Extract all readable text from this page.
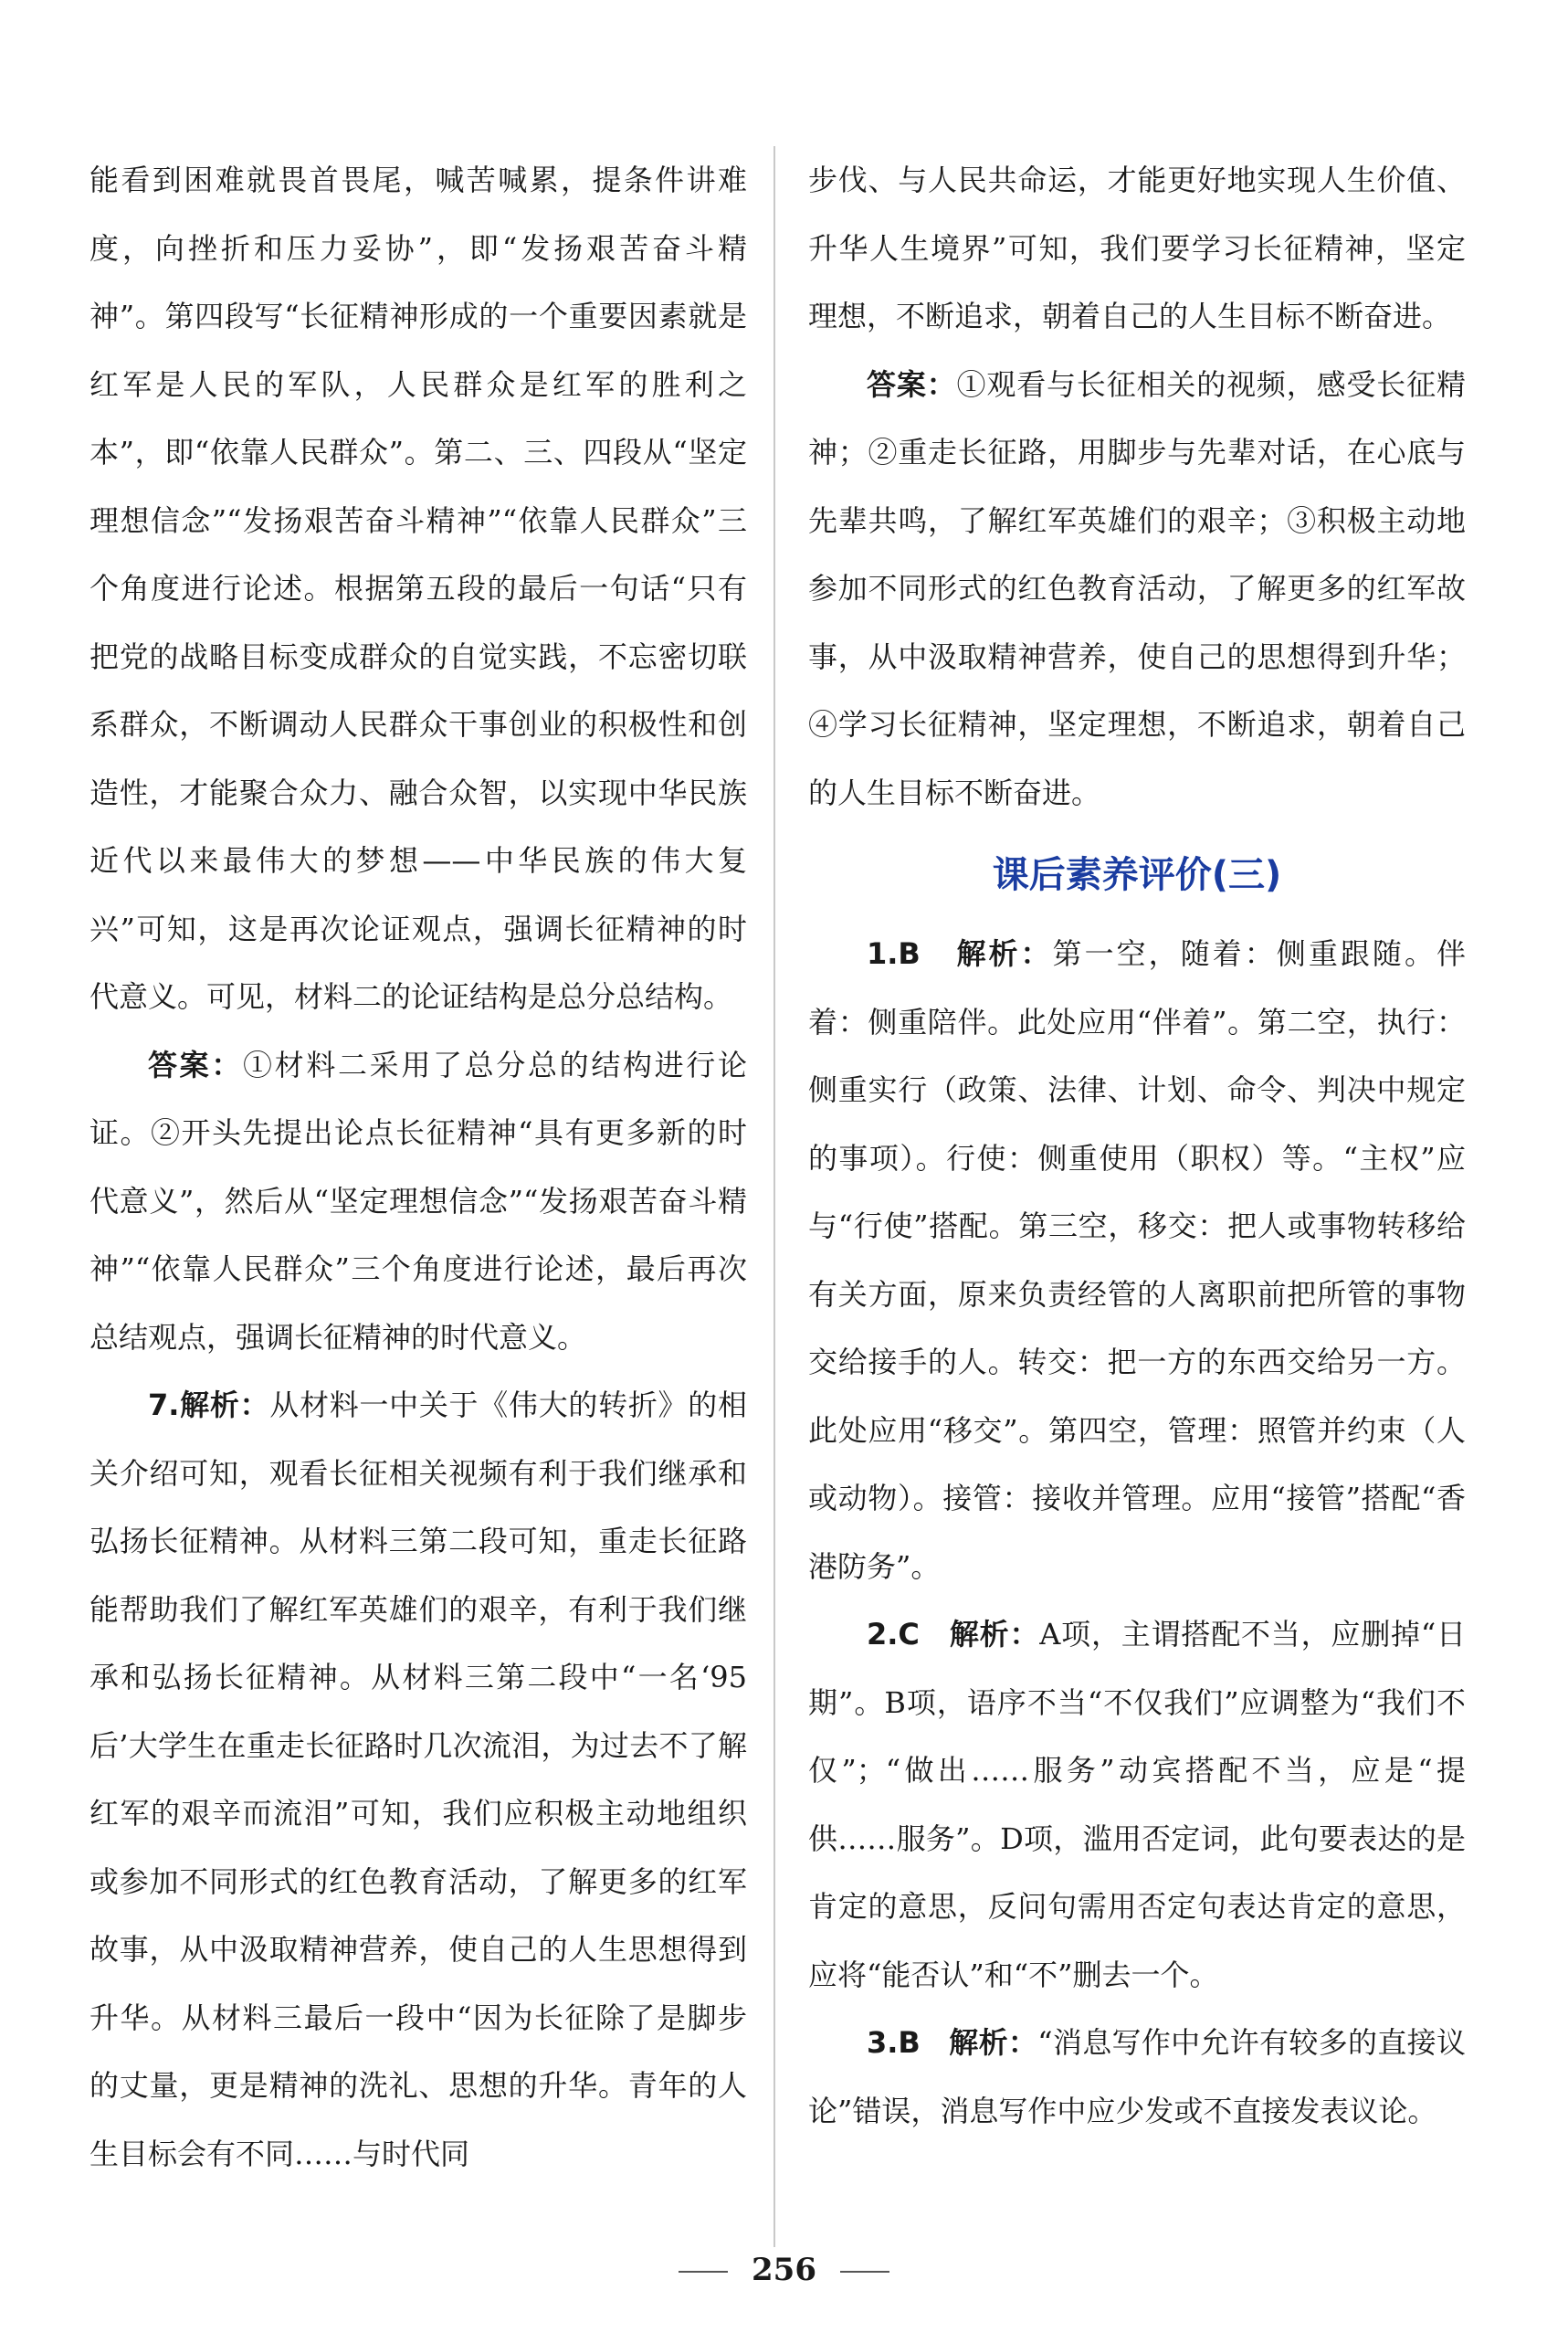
能看到困难就畏首畏尾，喊苦喊累，提条件讲难度，向挫折和压力妥协”，即“发扬艰苦奋斗精神”。第四段写“长征精神形成的一个重要因素就是红军是人民的军队，人民群众是红军的胜利之本”，即“依靠人民群众”。第二、三、四段从“坚定理想信念”“发扬艰苦奋斗精神”“依靠人民群众”三个角度进行论述。根据第五段的最后一句话“只有把党的战略目标变成群众的自觉实践，不忘密切联系群众，不断调动人民群众干事创业的积极性和创造性，才能聚合众力、融合众智，以实现中华民族近代以来最伟大的梦想——中华民族的伟大复兴”可知，这是再次论证观点，强调长征精神的时代意义。可见，材料二的论证结构是总分总结构。

答案：①材料二采用了总分总的结构进行论证。②开头先提出论点长征精神“具有更多新的时代意义”，然后从“坚定理想信念”“发扬艰苦奋斗精神”“依靠人民群众”三个角度进行论述，最后再次总结观点，强调长征精神的时代意义。

7.解析：从材料一中关于《伟大的转折》的相关介绍可知，观看长征相关视频有利于我们继承和弘扬长征精神。从材料三第二段可知，重走长征路能帮助我们了解红军英雄们的艰辛，有利于我们继承和弘扬长征精神。从材料三第二段中“一名‘95后’大学生在重走长征路时几次流泪，为过去不了解红军的艰辛而流泪”可知，我们应积极主动地组织或参加不同形式的红色教育活动，了解更多的红军故事，从中汲取精神营养，使自己的人生思想得到升华。从材料三最后一段中“因为长征除了是脚步的丈量，更是精神的洗礼、思想的升华。青年的人生目标会有不同……与时代同

步伐、与人民共命运，才能更好地实现人生价值、升华人生境界”可知，我们要学习长征精神，坚定理想，不断追求，朝着自己的人生目标不断奋进。

答案：①观看与长征相关的视频，感受长征精神；②重走长征路，用脚步与先辈对话，在心底与先辈共鸣，了解红军英雄们的艰辛；③积极主动地参加不同形式的红色教育活动，了解更多的红军故事，从中汲取精神营养，使自己的思想得到升华；④学习长征精神，坚定理想，不断追求，朝着自己的人生目标不断奋进。

课后素养评价(三)

1.B 解析：第一空，随着：侧重跟随。伴着：侧重陪伴。此处应用“伴着”。第二空，执行：侧重实行（政策、法律、计划、命令、判决中规定的事项）。行使：侧重使用（职权）等。“主权”应与“行使”搭配。第三空，移交：把人或事物转移给有关方面，原来负责经管的人离职前把所管的事物交给接手的人。转交：把一方的东西交给另一方。此处应用“移交”。第四空，管理：照管并约束（人或动物）。接管：接收并管理。应用“接管”搭配“香港防务”。

2.C 解析：A项，主谓搭配不当，应删掉“日期”。B项，语序不当“不仅我们”应调整为“我们不仅”；“做出……服务”动宾搭配不当，应是“提供……服务”。D项，滥用否定词，此句要表达的是肯定的意思，反问句需用否定句表达肯定的意思，应将“能否认”和“不”删去一个。

3.B 解析：“消息写作中允许有较多的直接议论”错误，消息写作中应少发或不直接发表议论。

256
